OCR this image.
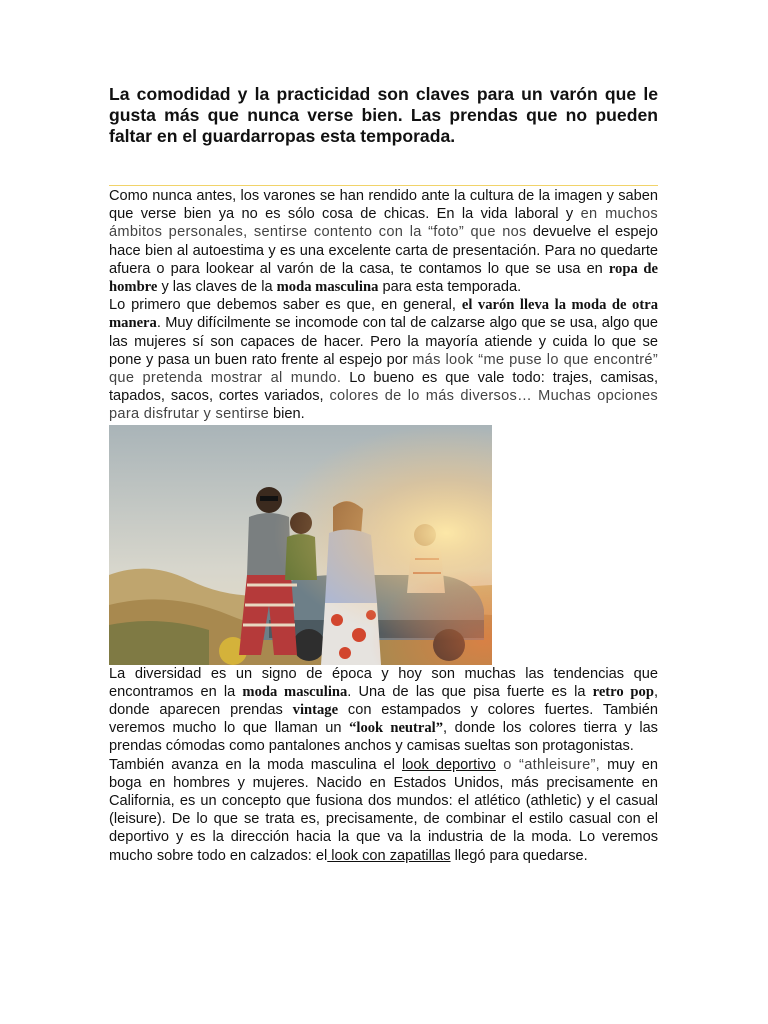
La comodidad y la practicidad son claves para un varón que le gusta más que nunca verse bien. Las prendas que no pueden faltar en el guardarropas esta temporada.

Como nunca antes, los varones se han rendido ante la cultura de la imagen y saben que verse bien ya no es sólo cosa de chicas. En la vida laboral y en muchos ámbitos personales, sentirse contento con la “foto” que nos devuelve el espejo hace bien al autoestima y es una excelente carta de presentación. Para no quedarte afuera o para lookear al varón de la casa, te contamos lo que se usa en ropa de hombre y las claves de la moda masculina para esta temporada.

Lo primero que debemos saber es que, en general, el varón lleva la moda de otra manera. Muy difícilmente se incomode con tal de calzarse algo que se usa, algo que las mujeres sí son capaces de hacer. Pero la mayoría atiende y cuida lo que se pone y pasa un buen rato frente al espejo por más look “me puse lo que encontré” que pretenda mostrar al mundo. Lo bueno es que vale todo: trajes, camisas, tapados, sacos, cortes variados, colores de lo más diversos… Muchas opciones para disfrutar y sentirse bien.

La diversidad es un signo de época y hoy son muchas las tendencias que encontramos en la moda masculina. Una de las que pisa fuerte es la retro pop, donde aparecen prendas vintage con estampados y colores fuertes. También veremos mucho lo que llaman un “look neutral”, donde los colores tierra y las prendas cómodas como pantalones anchos y camisas sueltas son protagonistas.

También avanza en la moda masculina el look deportivo o “athleisure”, muy en boga en hombres y mujeres. Nacido en Estados Unidos, más precisamente en California, es un concepto que fusiona dos mundos: el atlético (athletic) y el casual (leisure). De lo que se trata es, precisamente, de combinar el estilo casual con el deportivo y es la dirección hacia la que va la industria de la moda. Lo veremos mucho sobre todo en calzados: el look con zapatillas llegó para quedarse.
